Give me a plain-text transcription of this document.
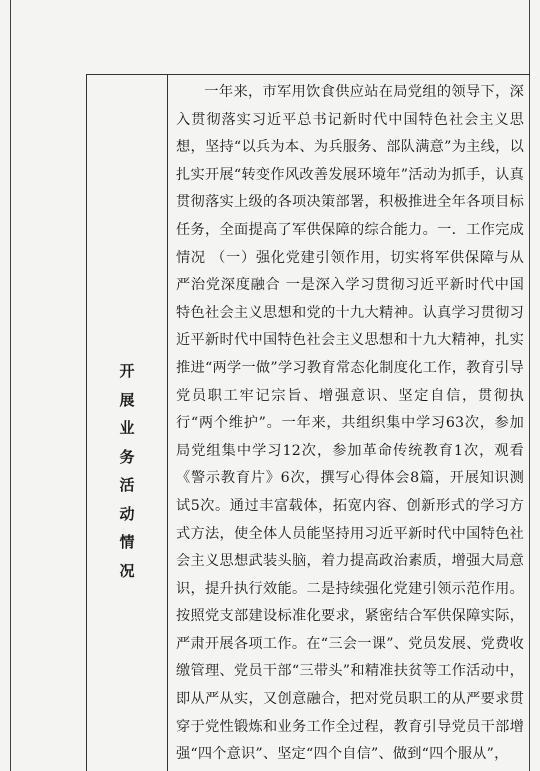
开
展
业
务
活
动
情
况

一年来，市军用饮食供应站在局党组的领导下，深入贯彻落实习近平总书记新时代中国特色社会主义思想，坚持“以兵为本、为兵服务、部队满意”为主线，以扎实开展“转变作风改善发展环境年”活动为抓手，认真贯彻落实上级的各项决策部署，积极推进全年各项目标任务，全面提高了军供保障的综合能力。一．工作完成情况 （一）强化党建引领作用，切实将军供保障与从严治党深度融合 一是深入学习贯彻习近平新时代中国特色社会主义思想和党的十九大精神。认真学习贯彻习近平新时代中国特色社会主义思想和十九大精神，扎实推进“两学一做”学习教育常态化制度化工作，教育引导党员职工牢记宗旨、增强意识、坚定自信，贯彻执行“两个维护”。一年来，共组织集中学习63次，参加局党组集中学习12次，参加革命传统教育1次，观看《警示教育片》6次，撰写心得体会8篇，开展知识测试5次。通过丰富载体，拓宽内容、创新形式的学习方式方法，使全体人员能坚持用习近平新时代中国特色社会主义思想武装头脑，着力提高政治素质，增强大局意识，提升执行效能。二是持续强化党建引领示范作用。按照党支部建设标准化要求，紧密结合军供保障实际，严肃开展各项工作。在“三会一课”、党员发展、党费收缴管理、党员干部“三带头”和精准扶贫等工作活动中，即从严从实，又创意融合，把对党员职工的从严要求贯穿于党性锻炼和业务工作全过程，教育引导党员干部增强“四个意识”、坚定“四个自信”、做到“四个服从”，
